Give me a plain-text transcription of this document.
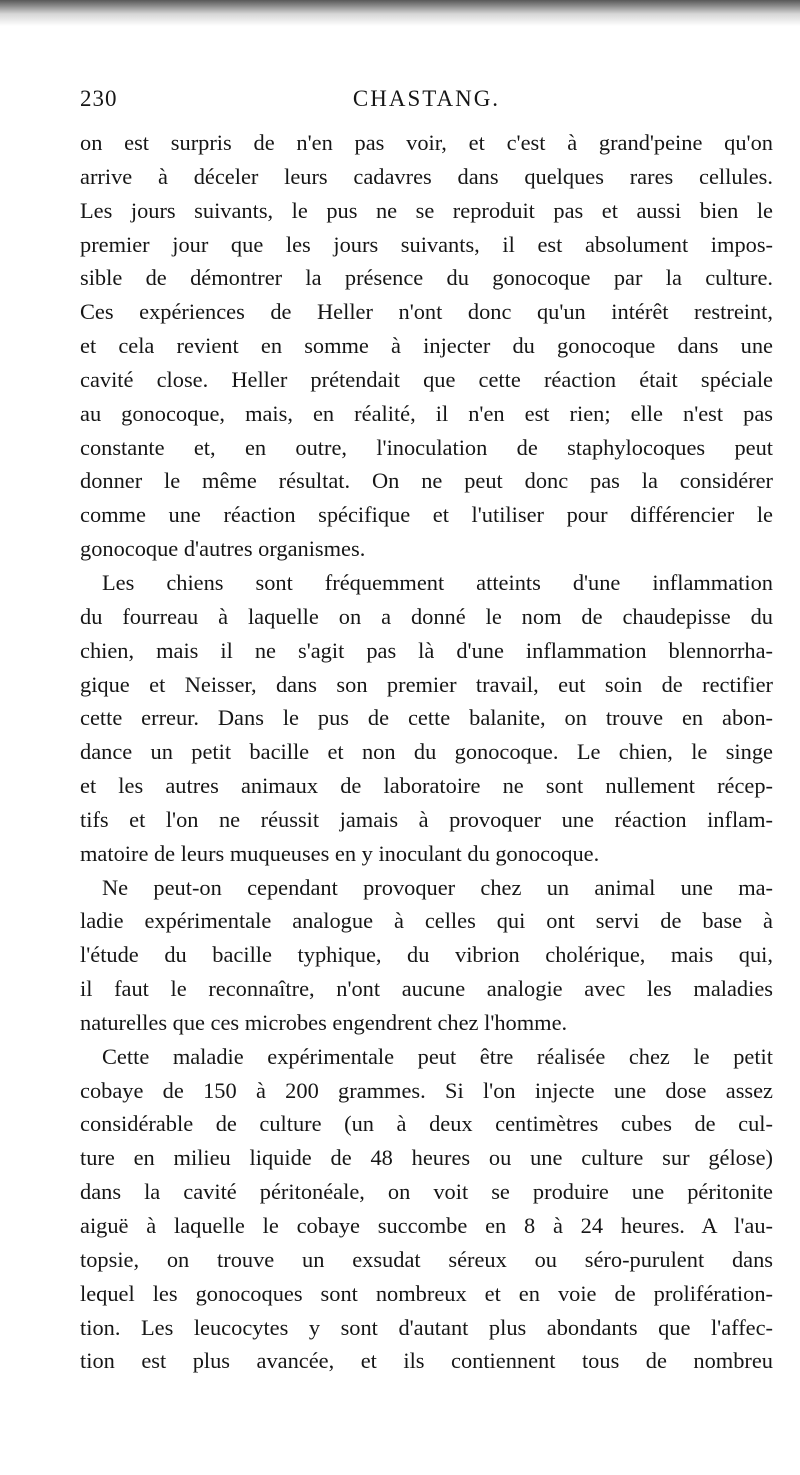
230	CHASTANG.
on est surpris de n'en pas voir, et c'est à grand'peine qu'on
arrive à déceler leurs cadavres dans quelques rares cellules.
Les jours suivants, le pus ne se reproduit pas et aussi bien le
premier jour que les jours suivants, il est absolument impos-
sible de démontrer la présence du gonocoque par la culture.
Ces expériences de Heller n'ont donc qu'un intérêt restreint,
et cela revient en somme à injecter du gonocoque dans une
cavité close. Heller prétendait que cette réaction était spéciale
au gonocoque, mais, en réalité, il n'en est rien; elle n'est pas
constante et, en outre, l'inoculation de staphylocoques peut
donner le même résultat. On ne peut donc pas la considérer
comme une réaction spécifique et l'utiliser pour différencier le
gonocoque d'autres organismes.
Les chiens sont fréquemment atteints d'une inflammation
du fourreau à laquelle on a donné le nom de chaudepisse du
chien, mais il ne s'agit pas là d'une inflammation blennorrha-
gique et Neisser, dans son premier travail, eut soin de rectifier
cette erreur. Dans le pus de cette balanite, on trouve en abon-
dance un petit bacille et non du gonocoque. Le chien, le singe
et les autres animaux de laboratoire ne sont nullement récep-
tifs et l'on ne réussit jamais à provoquer une réaction inflam-
matoire de leurs muqueuses en y inoculant du gonocoque.
Ne peut-on cependant provoquer chez un animal une ma-
ladie expérimentale analogue à celles qui ont servi de base à
l'étude du bacille typhique, du vibrion cholérique, mais qui,
il faut le reconnaître, n'ont aucune analogie avec les maladies
naturelles que ces microbes engendrent chez l'homme.
Cette maladie expérimentale peut être réalisée chez le petit
cobaye de 150 à 200 grammes. Si l'on injecte une dose assez
considérable de culture (un à deux centimètres cubes de cul-
ture en milieu liquide de 48 heures ou une culture sur gélose)
dans la cavité péritonéale, on voit se produire une péritonite
aiguë à laquelle le cobaye succombe en 8 à 24 heures. A l'au-
topsie, on trouve un exsudat séreux ou séro-purulent dans
lequel les gonocoques sont nombreux et en voie de prolifération-
tion. Les leucocytes y sont d'autant plus abondants que l'affec-
tion est plus avancée, et ils contiennent tous de nombreu
